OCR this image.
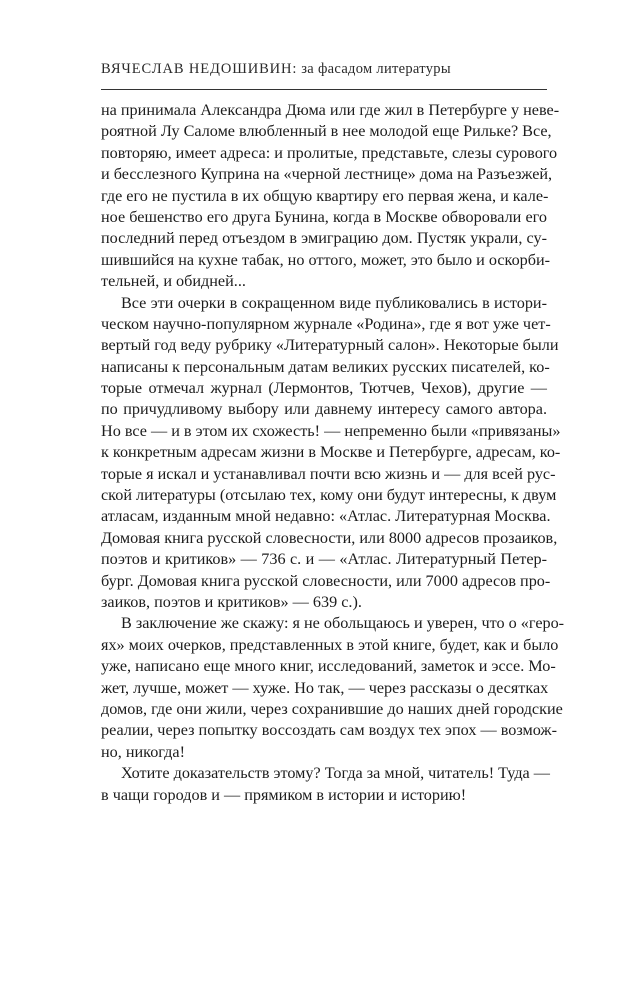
ВЯЧЕСЛАВ НЕДОШИВИН: за фасадом литературы
на принимала Александра Дюма или где жил в Петербурге у неве-
роятной Лу Саломе влюбленный в нее молодой еще Рильке? Все,
повторяю, имеет адреса: и пролитые, представьте, слезы сурового
и бесслезного Куприна на «черной лестнице» дома на Разъезжей,
где его не пустила в их общую квартиру его первая жена, и кале-
ное бешенство его друга Бунина, когда в Москве обворовали его
последний перед отъездом в эмиграцию дом. Пустяк украли, су-
шившийся на кухне табак, но оттого, может, это было и оскорби-
тельней, и обидней...
Все эти очерки в сокращенном виде публиковались в истори-
ческом научно-популярном журнале «Родина», где я вот уже чет-
вертый год веду рубрику «Литературный салон». Некоторые были
написаны к персональным датам великих русских писателей, ко-
торые отмечал журнал (Лермонтов, Тютчев, Чехов), другие —
по причудливому выбору или давнему интересу самого автора.
Но все — и в этом их схожесть! — непременно были «привязаны»
к конкретным адресам жизни в Москве и Петербурге, адресам, ко-
торые я искал и устанавливал почти всю жизнь и — для всей рус-
ской литературы (отсылаю тех, кому они будут интересны, к двум
атласам, изданным мной недавно: «Атлас. Литературная Москва.
Домовая книга русской словесности, или 8000 адресов прозаиков,
поэтов и критиков» — 736 с. и — «Атлас. Литературный Петер-
бург. Домовая книга русской словесности, или 7000 адресов про-
заиков, поэтов и критиков» — 639 с.).
В заключение же скажу: я не обольщаюсь и уверен, что о «геро-
ях» моих очерков, представленных в этой книге, будет, как и было
уже, написано еще много книг, исследований, заметок и эссе. Мо-
жет, лучше, может — хуже. Но так, — через рассказы о десятках
домов, где они жили, через сохранившие до наших дней городские
реалии, через попытку воссоздать сам воздух тех эпох — возмож-
но, никогда!
Хотите доказательств этому? Тогда за мной, читатель! Туда —
в чащи городов и — прямиком в истории и историю!
